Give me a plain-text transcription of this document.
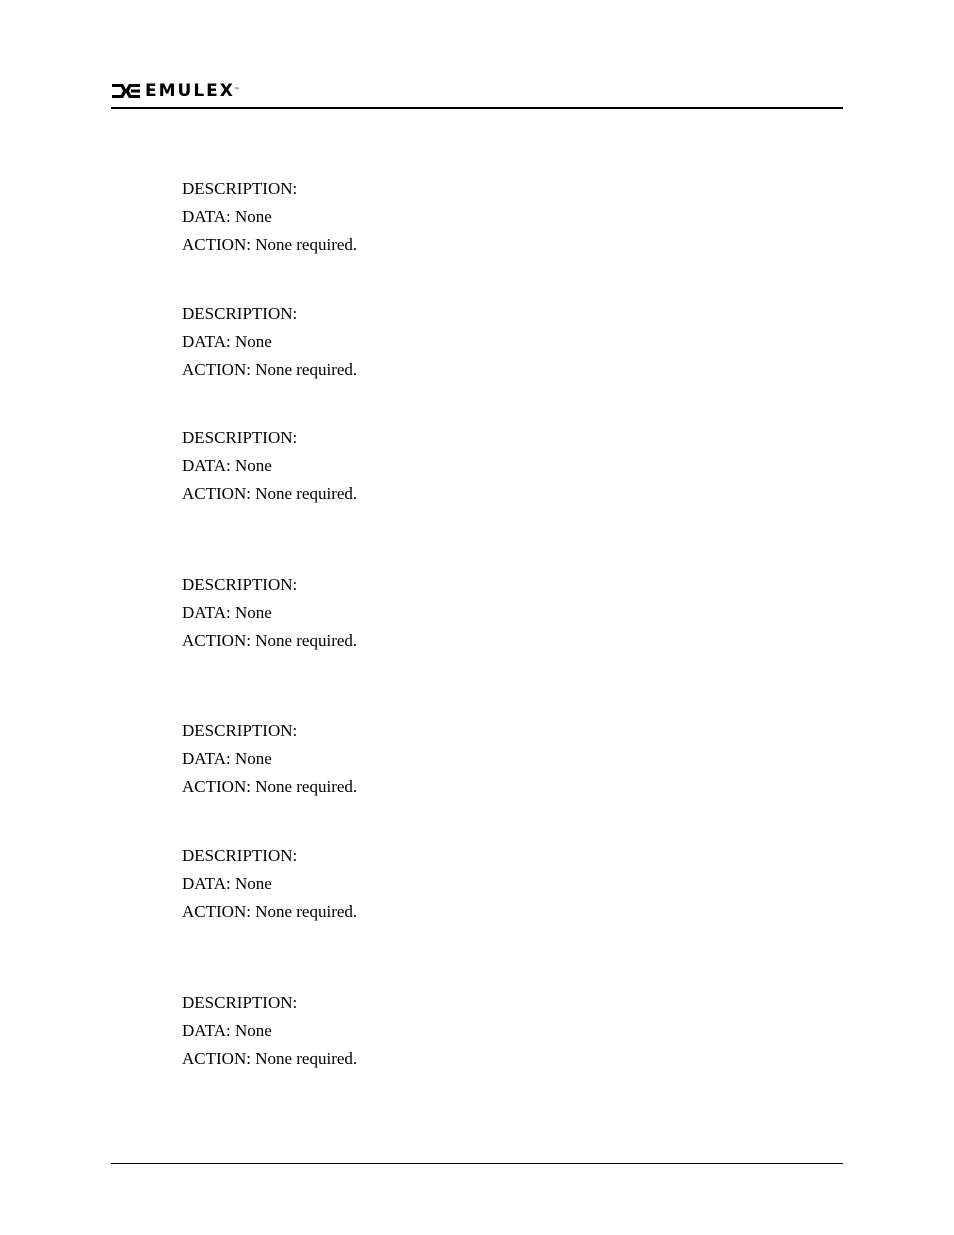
EMULEX ™
DESCRIPTION:
DATA: None
ACTION: None required.
DESCRIPTION:
DATA: None
ACTION: None required.
DESCRIPTION:
DATA: None
ACTION: None required.
DESCRIPTION:
DATA: None
ACTION: None required.
DESCRIPTION:
DATA: None
ACTION: None required.
DESCRIPTION:
DATA: None
ACTION: None required.
DESCRIPTION:
DATA: None
ACTION: None required.
